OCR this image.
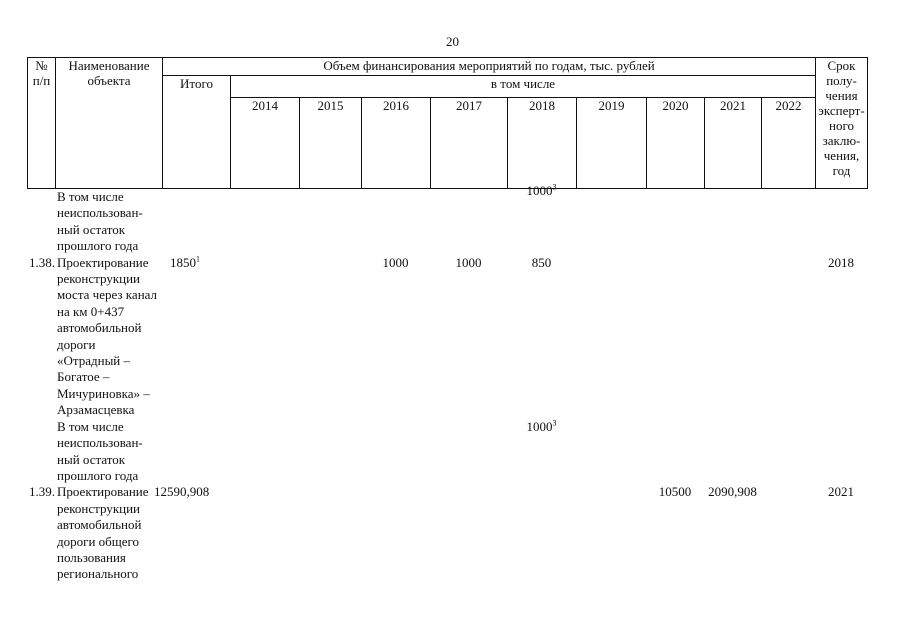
20
№ п/п	Наименование объекта	Объем финансирования мероприятий по годам, тыс. рублей										Срок полу-чения эксперт-ного заклю-чения, год
		Итого	в том числе									
			2014	2015	2016	2017	2018	2019	2020	2021	2022	
	В том числе неиспользован-ный остаток прошлого года						1000$^3$					
1.38.	Проектирование реконструкции моста через канал на км 0+437 автомобильной дороги «Отрадный – Богатое – Мичуриновка» – Арзамасцевка	1850$^1$			1000	1000	850					2018
	В том числе неиспользован-ный остаток прошлого года						1000$^3$					
1.39.	Проектирование реконструкции автомобильной дороги общего пользования регионального	12590,908							10500	2090,908		2021
